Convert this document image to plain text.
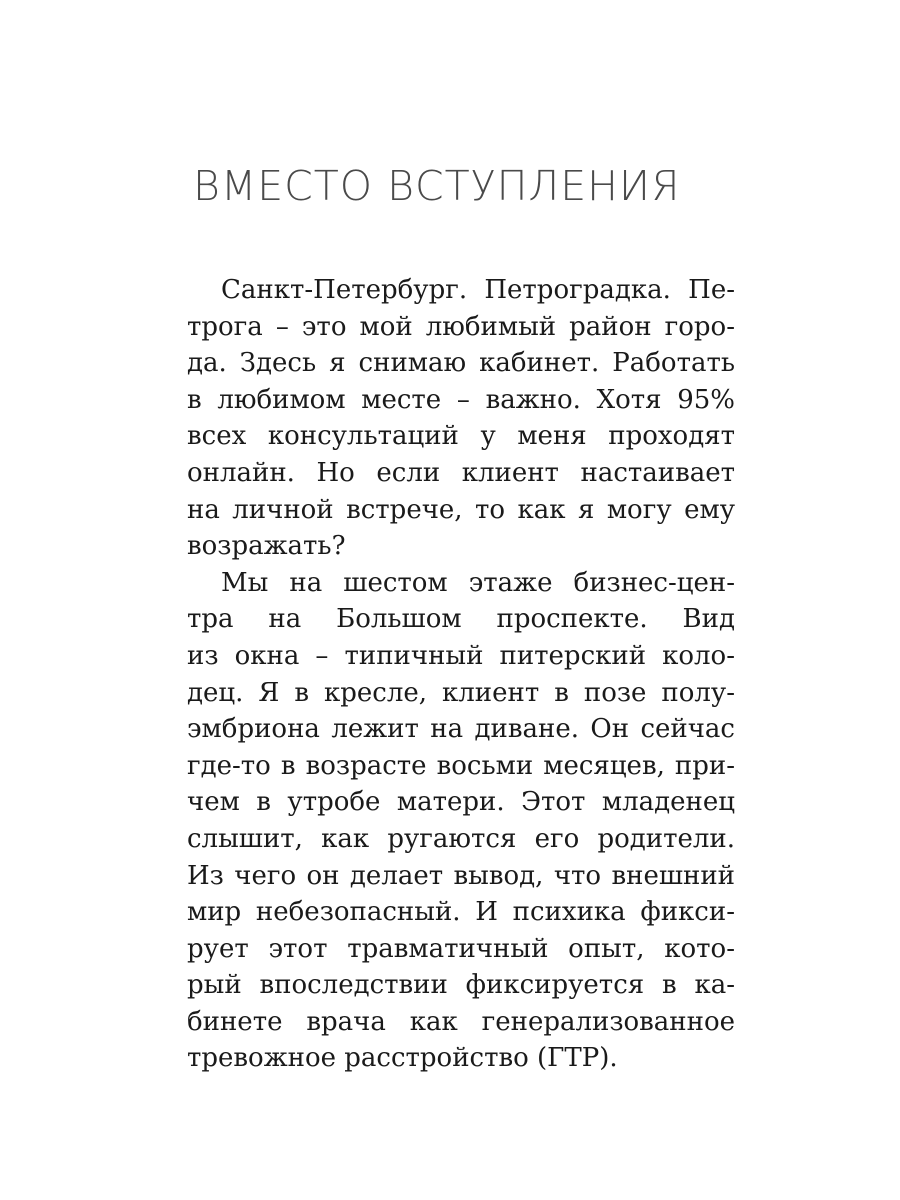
ВМЕСТО ВСТУПЛЕНИЯ
Санкт-Петербург. Петроградка. Пе-
трога – это мой любимый район горо-
да. Здесь я снимаю кабинет. Работать
в любимом месте – важно. Хотя 95%
всех консультаций у меня проходят
онлайн. Но если клиент настаивает
на личной встрече, то как я могу ему
возражать?
Мы на шестом этаже бизнес-цен-
тра на Большом проспекте. Вид
из окна – типичный питерский коло-
дец. Я в кресле, клиент в позе полу-
эмбриона лежит на диване. Он сейчас
где-то в возрасте восьми месяцев, при-
чем в утробе матери. Этот младенец
слышит, как ругаются его родители.
Из чего он делает вывод, что внешний
мир небезопасный. И психика фикси-
рует этот травматичный опыт, кото-
рый впоследствии фиксируется в ка-
бинете врача как генерализованное
тревожное расстройство (ГТР).
